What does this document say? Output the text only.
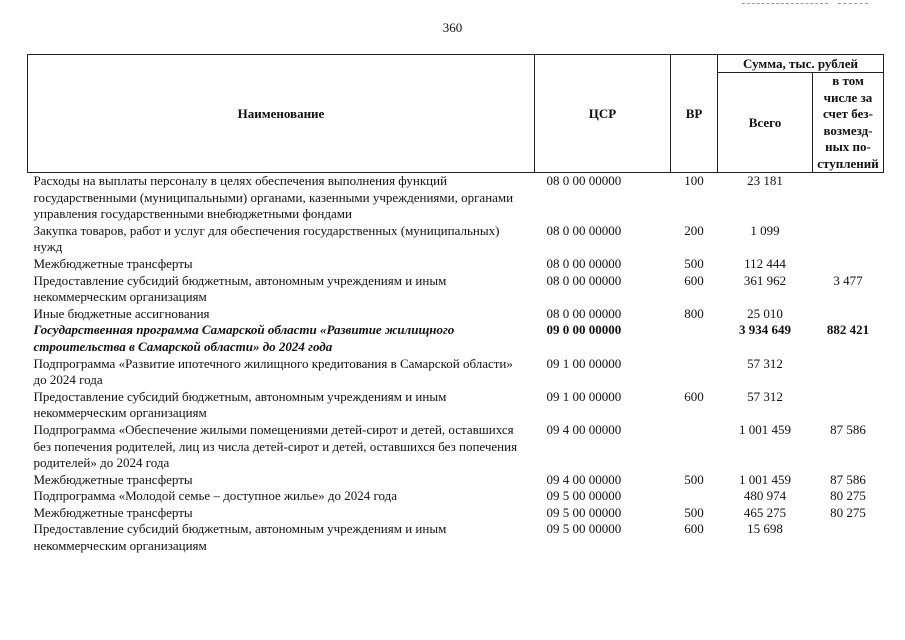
360
Наименование	ЦСР	ВР	Сумма, тыс. рублей	
			Всего	в том числе за счет без-возмезд-ных по-ступлений
Расходы на выплаты персоналу в целях обеспечения выполнения функций государственными (муниципальными) органами, казенными учреждениями, органами управления государственными внебюджетными фондами	08 0 00 00000	100	23 181	
Закупка товаров, работ и услуг для обеспечения государственных (муниципальных) нужд	08 0 00 00000	200	1 099	
Межбюджетные трансферты	08 0 00 00000	500	112 444	
Предоставление субсидий бюджетным, автономным учреждениям и иным некоммерческим организациям	08 0 00 00000	600	361 962	3 477
Иные бюджетные ассигнования	08 0 00 00000	800	25 010	
Государственная программа Самарской области «Развитие жилищного строительства в Самарской области» до 2024 года	09 0 00 00000		3 934 649	882 421
Подпрограмма «Развитие ипотечного жилищного кредитования в Самарской области» до 2024 года	09 1 00 00000		57 312	
Предоставление субсидий бюджетным, автономным учреждениям и иным некоммерческим организациям	09 1 00 00000	600	57 312	
Подпрограмма «Обеспечение жилыми помещениями детей-сирот и детей, оставшихся без попечения родителей, лиц из числа детей-сирот и детей, оставшихся без попечения родителей» до 2024 года	09 4 00 00000		1 001 459	87 586
Межбюджетные трансферты	09 4 00 00000	500	1 001 459	87 586
Подпрограмма «Молодой семье – доступное жилье» до 2024 года	09 5 00 00000		480 974	80 275
Межбюджетные трансферты	09 5 00 00000	500	465 275	80 275
Предоставление субсидий бюджетным, автономным учреждениям и иным некоммерческим организациям	09 5 00 00000	600	15 698	
